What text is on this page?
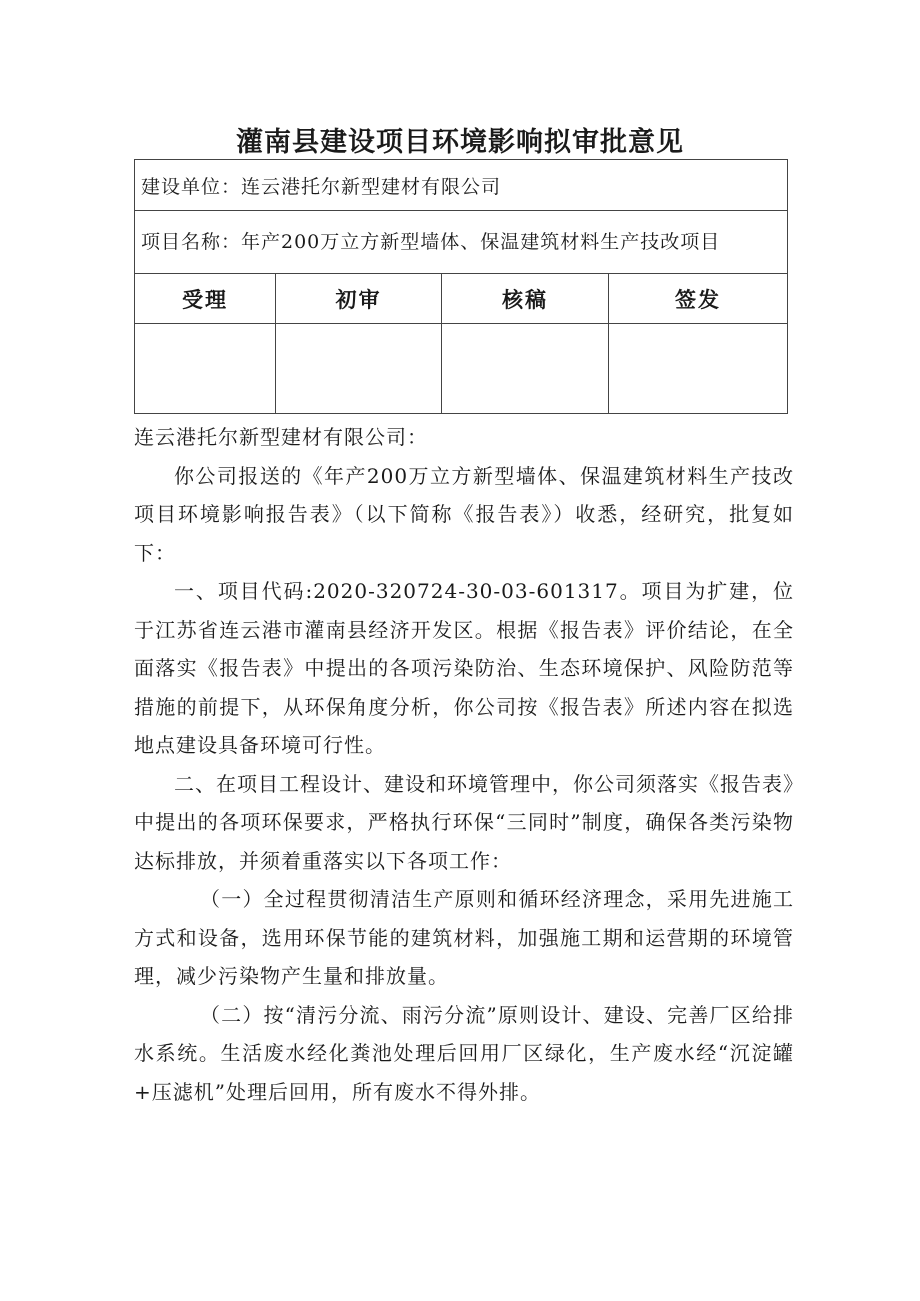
灌南县建设项目环境影响拟审批意见
建设单位：连云港托尔新型建材有限公司			
项目名称：年产200万立方新型墙体、保温建筑材料生产技改项目			
受理	初审	核稿	签发

连云港托尔新型建材有限公司：

你公司报送的《年产200万立方新型墙体、保温建筑材料生产技改项目环境影响报告表》（以下简称《报告表》）收悉，经研究，批复如下：

一、项目代码:2020-320724-30-03-601317。项目为扩建，位于江苏省连云港市灌南县经济开发区。根据《报告表》评价结论，在全面落实《报告表》中提出的各项污染防治、生态环境保护、风险防范等措施的前提下，从环保角度分析，你公司按《报告表》所述内容在拟选地点建设具备环境可行性。

二、在项目工程设计、建设和环境管理中，你公司须落实《报告表》中提出的各项环保要求，严格执行环保“三同时”制度，确保各类污染物达标排放，并须着重落实以下各项工作：

（一）全过程贯彻清洁生产原则和循环经济理念，采用先进施工方式和设备，选用环保节能的建筑材料，加强施工期和运营期的环境管理，减少污染物产生量和排放量。

（二）按“清污分流、雨污分流”原则设计、建设、完善厂区给排水系统。生活废水经化粪池处理后回用厂区绿化，生产废水经“沉淀罐+压滤机”处理后回用，所有废水不得外排。
